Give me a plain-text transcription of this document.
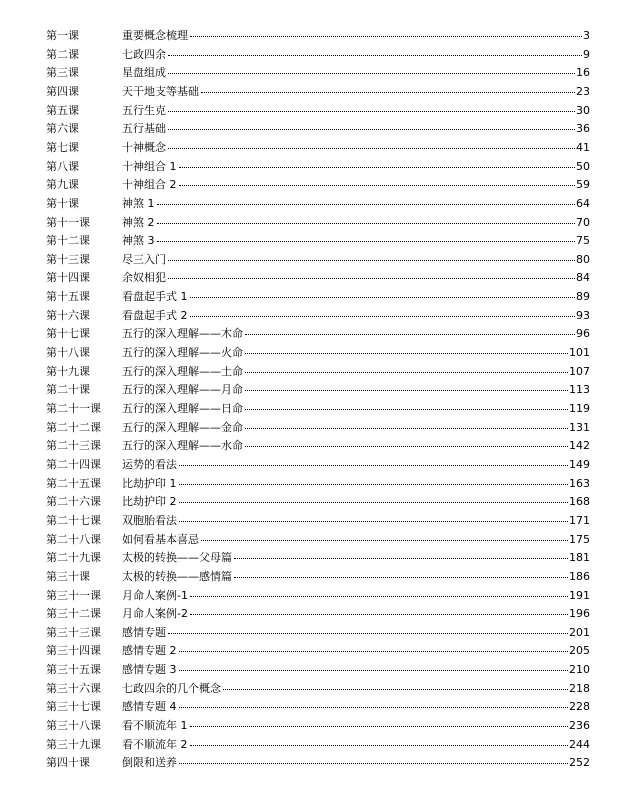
第一课	重要概念梳理	3
第二课	七政四余	9
第三课	星盘组成	16
第四课	天干地支等基础	23
第五课	五行生克	30
第六课	五行基础	36
第七课	十神概念	41
第八课	十神组合 1	50
第九课	十神组合 2	59
第十课	神煞 1	64
第十一课	神煞 2	70
第十二课	神煞 3	75
第十三课	尽三入门	80
第十四课	余奴相犯	84
第十五课	看盘起手式 1	89
第十六课	看盘起手式 2	93
第十七课	五行的深入理解——木命	96
第十八课	五行的深入理解——火命	101
第十九课	五行的深入理解——土命	107
第二十课	五行的深入理解——月命	113
第二十一课 五行的深入理解——日命	119
第二十二课 五行的深入理解——金命	131
第二十三课 五行的深入理解——水命	142
第二十四课 运势的看法	149
第二十五课 比劫护印 1	163
第二十六课 比劫护印 2	168
第二十七课 双胞胎看法	171
第二十八课 如何看基本喜忌	175
第二十九课 太极的转换——父母篇	181
第三十课	太极的转换——感情篇	186
第三十一课 月命人案例-1	191
第三十二课 月命人案例-2	196
第三十三课 感情专题	201
第三十四课 感情专题 2	205
第三十五课 感情专题 3	210
第三十六课 七政四余的几个概念	218
第三十七课 感情专题 4	228
第三十八课 看不顺流年 1	236
第三十九课 看不顺流年 2	244
第四十课	倒限和送养	252
